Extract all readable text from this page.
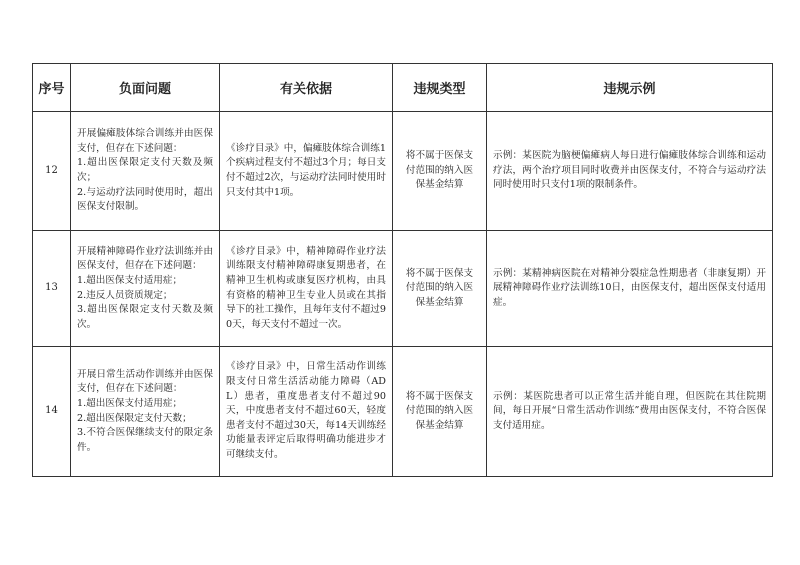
序号	负面问题	有关依据	违规类型	违规示例
12	开展偏瘫肢体综合训练并由医保支付，但存在下述问题：
1.超出医保限定支付天数及频次；
2.与运动疗法同时使用时，超出医保支付限制。	《诊疗目录》中，偏瘫肢体综合训练1个疾病过程支付不超过3个月；每日支付不超过2次，与运动疗法同时使用时只支付其中1项。	将不属于医保支付范围的纳入医保基金结算	示例：某医院为脑梗偏瘫病人每日进行偏瘫肢体综合训练和运动疗法，两个治疗项目同时收费并由医保支付，不符合与运动疗法同时使用时只支付1项的限制条件。
13	开展精神障碍作业疗法训练并由医保支付，但存在下述问题：
1.超出医保支付适用症；
2.违反人员资质规定；
3.超出医保限定支付天数及频次。	《诊疗目录》中，精神障碍作业疗法训练限支付精神障碍康复期患者，在精神卫生机构或康复医疗机构，由具有资格的精神卫生专业人员或在其指导下的社工操作，且每年支付不超过90天，每天支付不超过一次。	将不属于医保支付范围的纳入医保基金结算	示例：某精神病医院在对精神分裂症急性期患者（非康复期）开展精神障碍作业疗法训练10日，由医保支付，超出医保支付适用症。
14	开展日常生活动作训练并由医保支付，但存在下述问题：
1.超出医保支付适用症；
2.超出医保限定支付天数；
3.不符合医保继续支付的限定条件。	《诊疗目录》中，日常生活动作训练限支付日常生活活动能力障碍（ADL）患者，重度患者支付不超过90天，中度患者支付不超过60天，轻度患者支付不超过30天，每14天训练经功能量表评定后取得明确功能进步才可继续支付。	将不属于医保支付范围的纳入医保基金结算	示例：某医院患者可以正常生活并能自理，但医院在其住院期间，每日开展“日常生活动作训练”费用由医保支付，不符合医保支付适用症。
